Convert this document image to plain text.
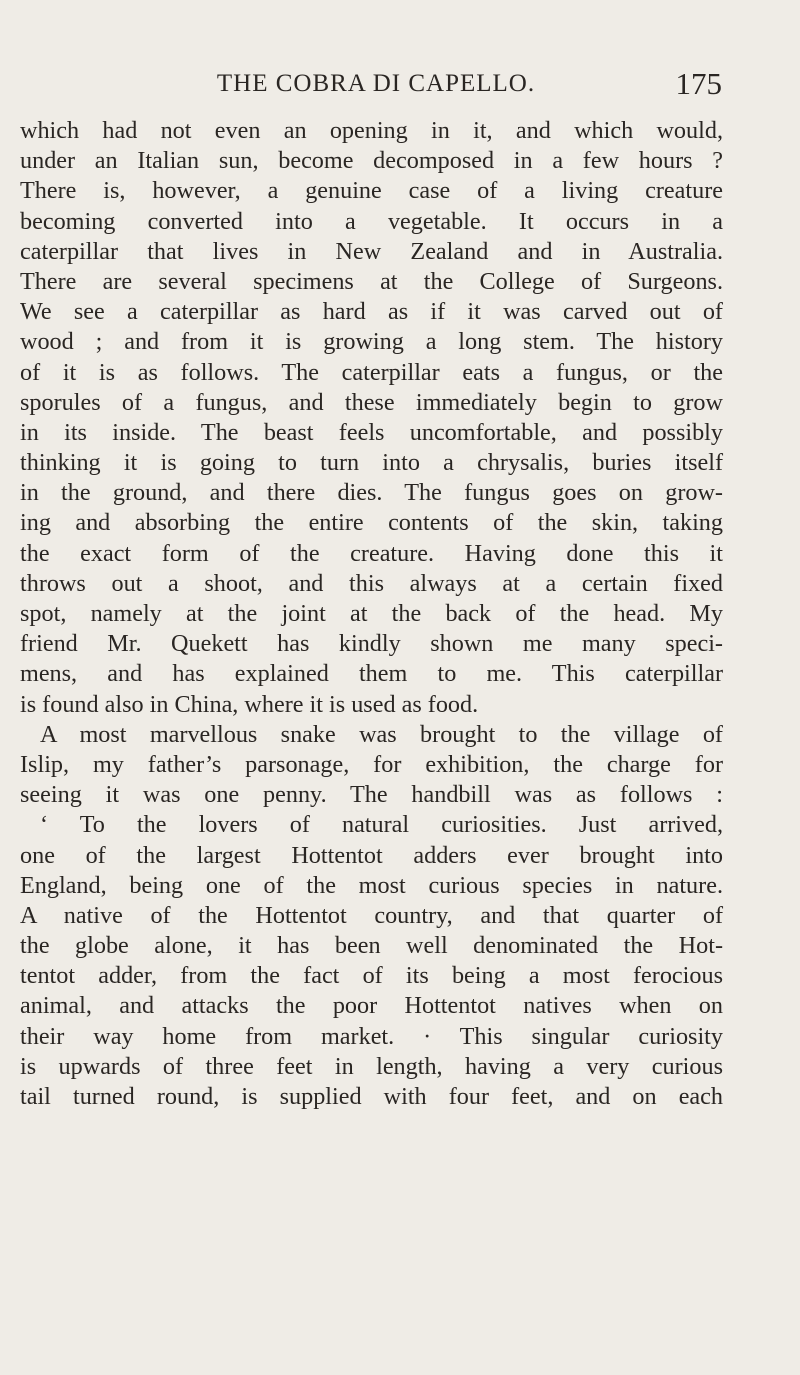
THE COBRA DI CAPELLO.	175
which had not even an opening in it, and which would,
under an Italian sun, become decomposed in a few hours ?
There is, however, a genuine case of a living creature
becoming converted into a vegetable. It occurs in a
caterpillar that lives in New Zealand and in Australia.
There are several specimens at the College of Surgeons.
We see a caterpillar as hard as if it was carved out of
wood ; and from it is growing a long stem. The history
of it is as follows. The caterpillar eats a fungus, or the
sporules of a fungus, and these immediately begin to grow
in its inside. The beast feels uncomfortable, and possibly
thinking it is going to turn into a chrysalis, buries itself
in the ground, and there dies. The fungus goes on grow-
ing and absorbing the entire contents of the skin, taking
the exact form of the creature. Having done this it
throws out a shoot, and this always at a certain fixed
spot, namely at the joint at the back of the head. My
friend Mr. Quekett has kindly shown me many speci-
mens, and has explained them to me. This caterpillar
is found also in China, where it is used as food.
A most marvellous snake was brought to the village of
Islip, my father’s parsonage, for exhibition, the charge for
seeing it was one penny. The handbill was as follows :
‘ To the lovers of natural curiosities. Just arrived,
one of the largest Hottentot adders ever brought into
England, being one of the most curious species in nature.
A native of the Hottentot country, and that quarter of
the globe alone, it has been well denominated the Hot-
tentot adder, from the fact of its being a most ferocious
animal, and attacks the poor Hottentot natives when on
their way home from market. · This singular curiosity
is upwards of three feet in length, having a very curious
tail turned round, is supplied with four feet, and on each
